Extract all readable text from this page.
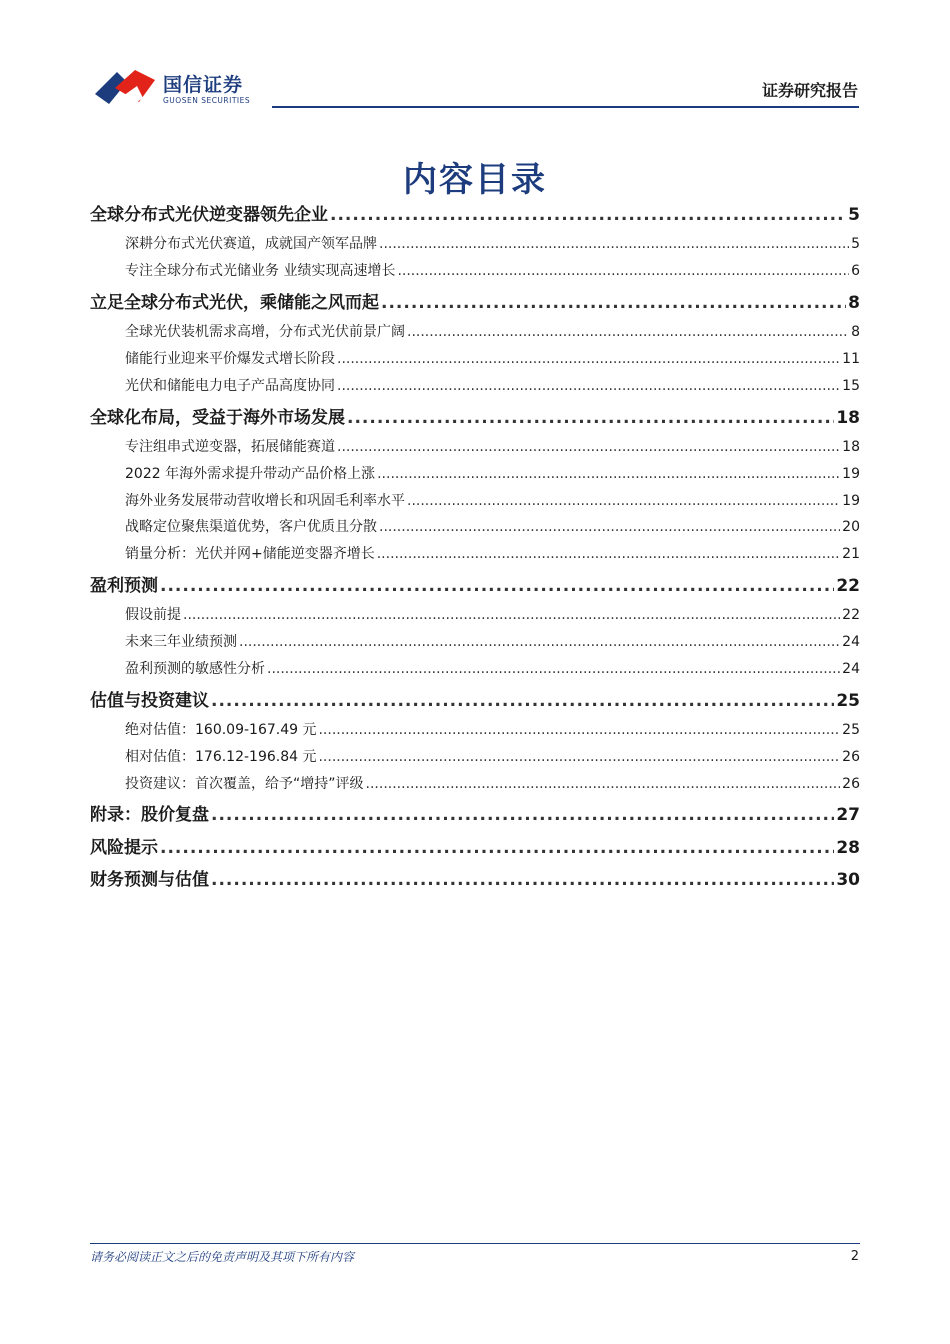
国信证券
GUOSEN SECURITIES
证券研究报告
内容目录
全球分布式光伏逆变器领先企业 .....	5
深耕分布式光伏赛道，成就国产领军品牌 .....	5
专注全球分布式光储业务 业绩实现高速增长 .....	6
立足全球分布式光伏，乘储能之风而起 .....	8
全球光伏装机需求高增，分布式光伏前景广阔 .....	8
储能行业迎来平价爆发式增长阶段 .....	11
光伏和储能电力电子产品高度协同 .....	15
全球化布局，受益于海外市场发展 .....	18
专注组串式逆变器，拓展储能赛道 .....	18
2022 年海外需求提升带动产品价格上涨 .....	19
海外业务发展带动营收增长和巩固毛利率水平 .....	19
战略定位聚焦渠道优势，客户优质且分散 .....	20
销量分析：光伏并网+储能逆变器齐增长 .....	21
盈利预测 .....	22
假设前提 .....	22
未来三年业绩预测 .....	24
盈利预测的敏感性分析 .....	24
估值与投资建议 .....	25
绝对估值：160.09-167.49 元 .....	25
相对估值：176.12-196.84 元 .....	26
投资建议：首次覆盖，给予“增持”评级 .....	26
附录：股价复盘 .....	27
风险提示 .....	28
财务预测与估值 .....	30
请务必阅读正文之后的免责声明及其项下所有内容	2
